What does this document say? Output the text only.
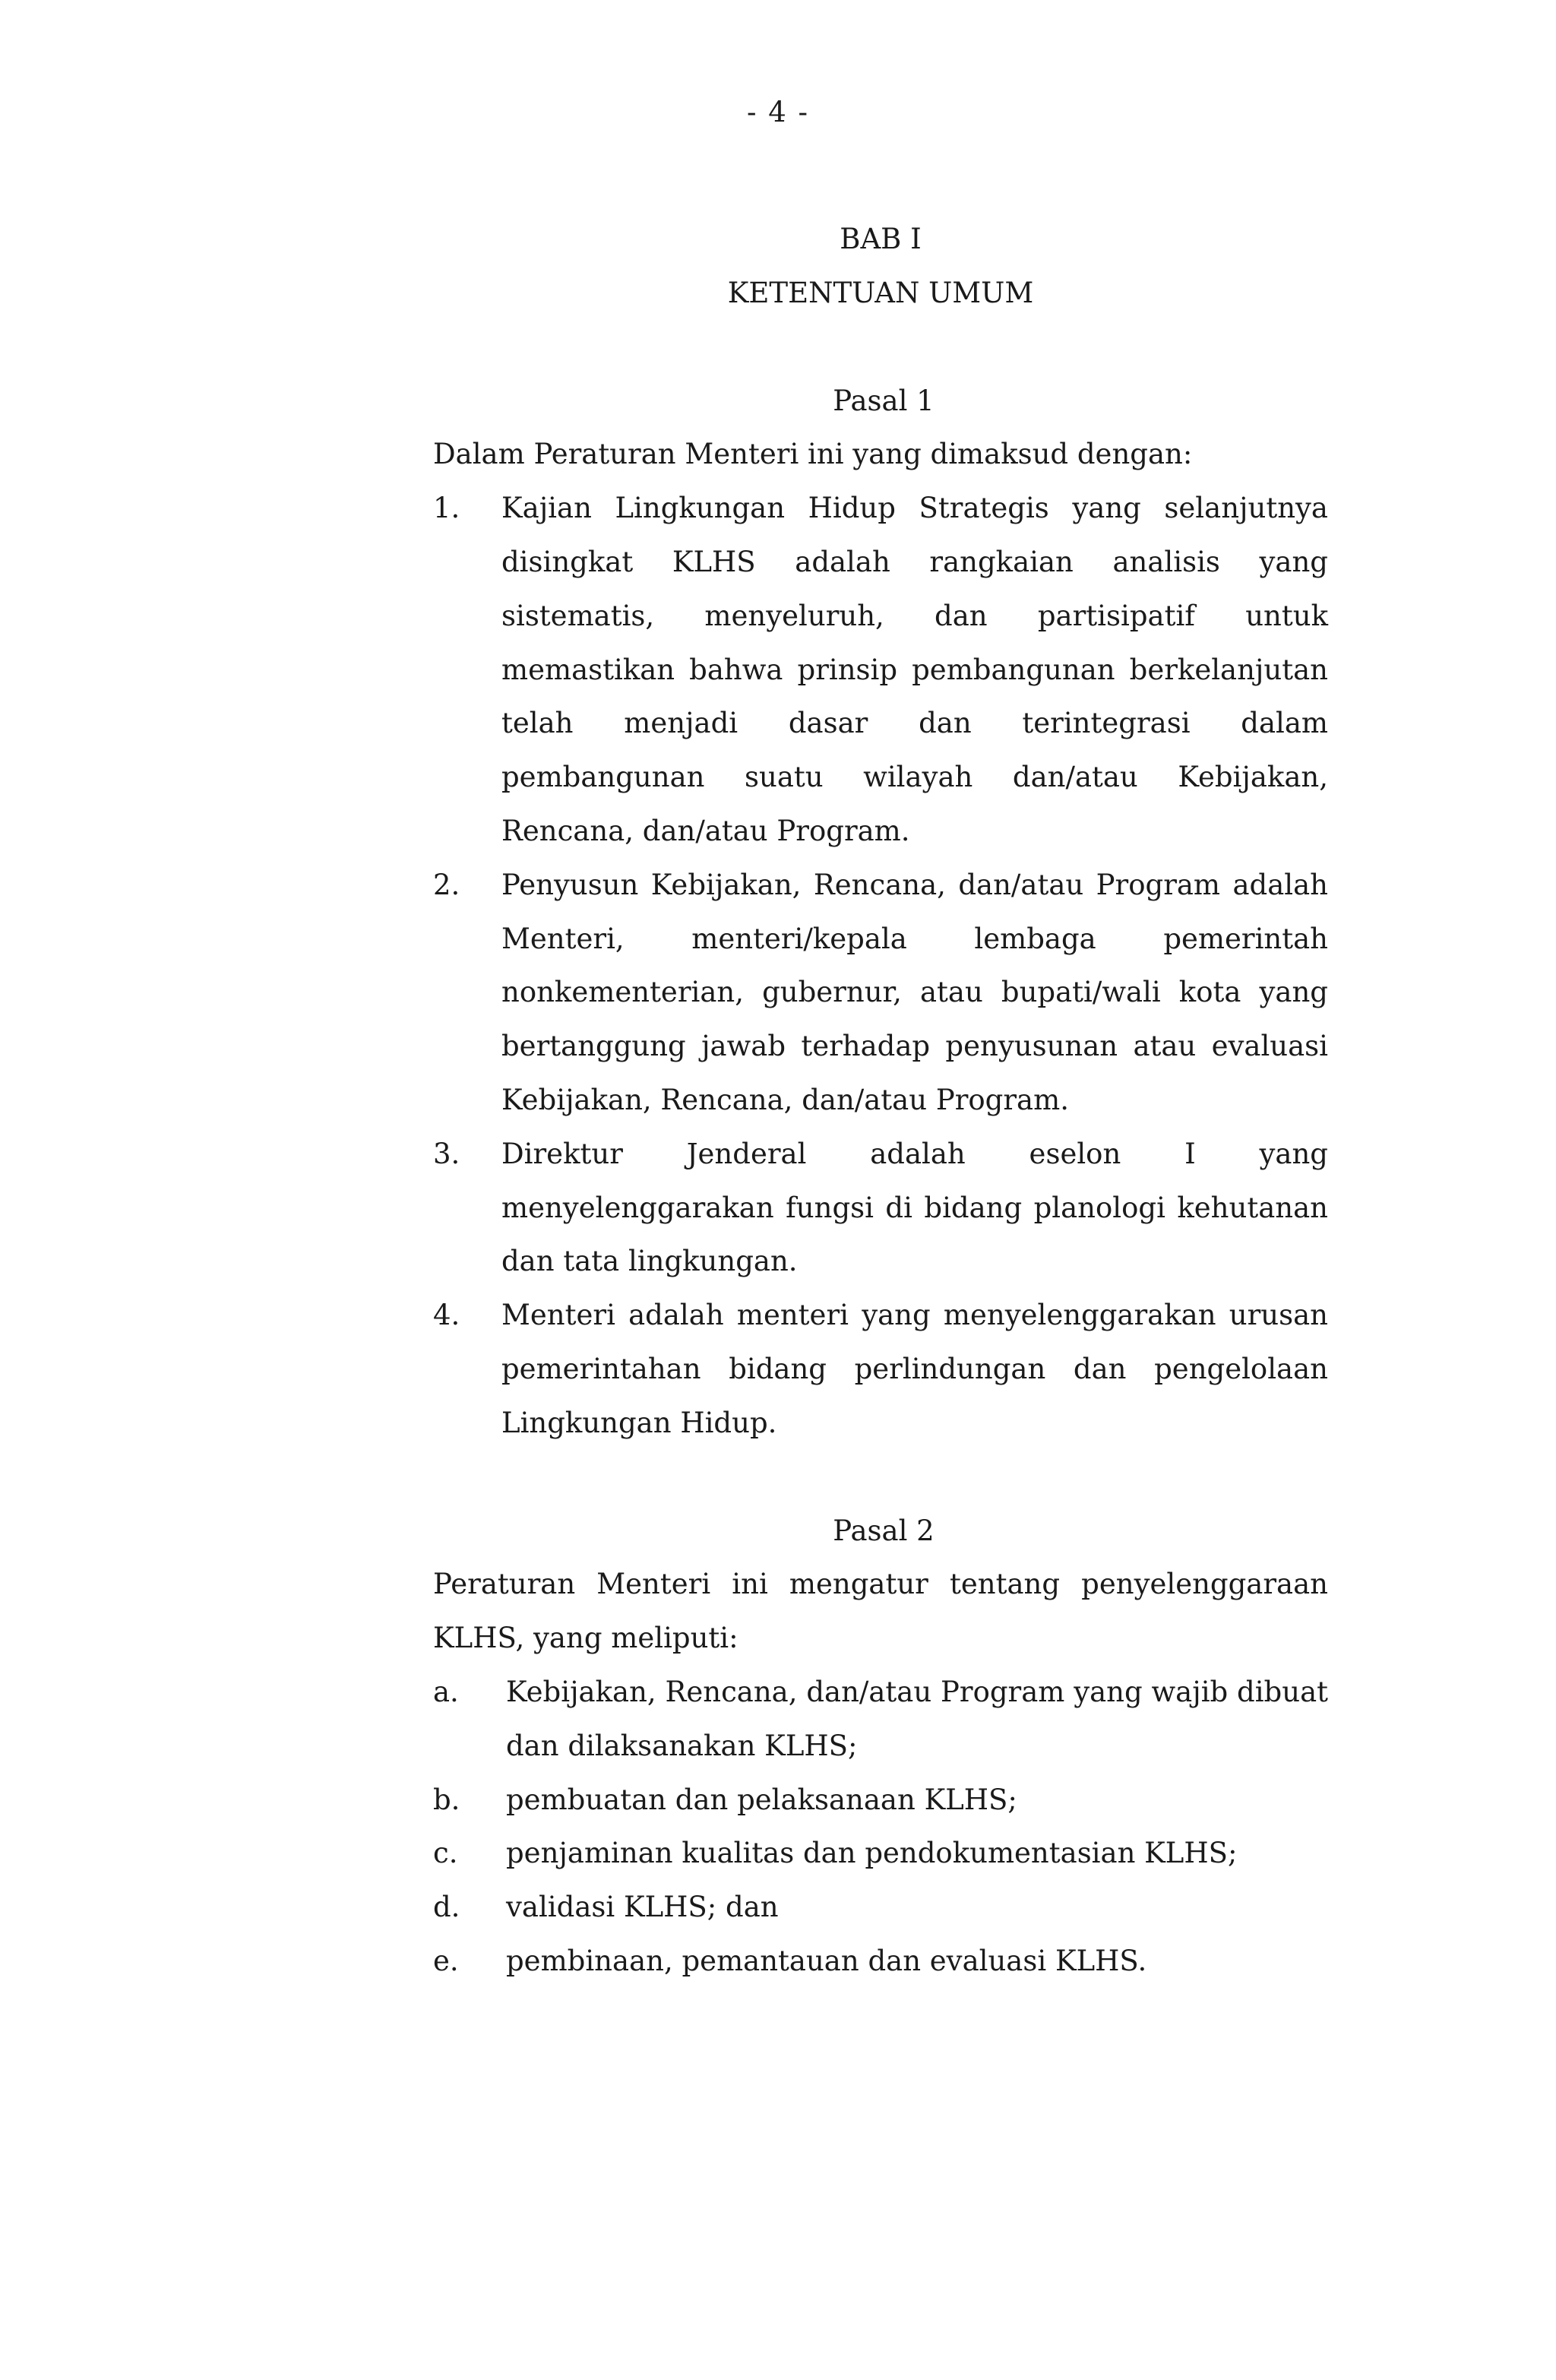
- 4 -

BAB I

KETENTUAN UMUM

Pasal 1

Dalam Peraturan Menteri ini yang dimaksud dengan:

1.	Kajian Lingkungan Hidup Strategis yang selanjutnya disingkat KLHS adalah rangkaian analisis yang sistematis, menyeluruh, dan partisipatif untuk memastikan bahwa prinsip pembangunan berkelanjutan telah menjadi dasar dan terintegrasi dalam pembangunan suatu wilayah dan/atau Kebijakan, Rencana, dan/atau Program.
2.	Penyusun Kebijakan, Rencana, dan/atau Program adalah Menteri, menteri/kepala lembaga pemerintah nonkementerian, gubernur, atau bupati/wali kota yang bertanggung jawab terhadap penyusunan atau evaluasi Kebijakan, Rencana, dan/atau Program.
3.	Direktur Jenderal adalah eselon I yang menyelenggarakan fungsi di bidang planologi kehutanan dan tata lingkungan.
4.	Menteri adalah menteri yang menyelenggarakan urusan pemerintahan bidang perlindungan dan pengelolaan Lingkungan Hidup.

Pasal 2

Peraturan Menteri ini mengatur tentang penyelenggaraan KLHS, yang meliputi:

a.	Kebijakan, Rencana, dan/atau Program yang wajib dibuat dan dilaksanakan KLHS;
b.	pembuatan dan pelaksanaan KLHS;
c.	penjaminan kualitas dan pendokumentasian KLHS;
d.	validasi KLHS; dan
e.	pembinaan, pemantauan dan evaluasi KLHS.
